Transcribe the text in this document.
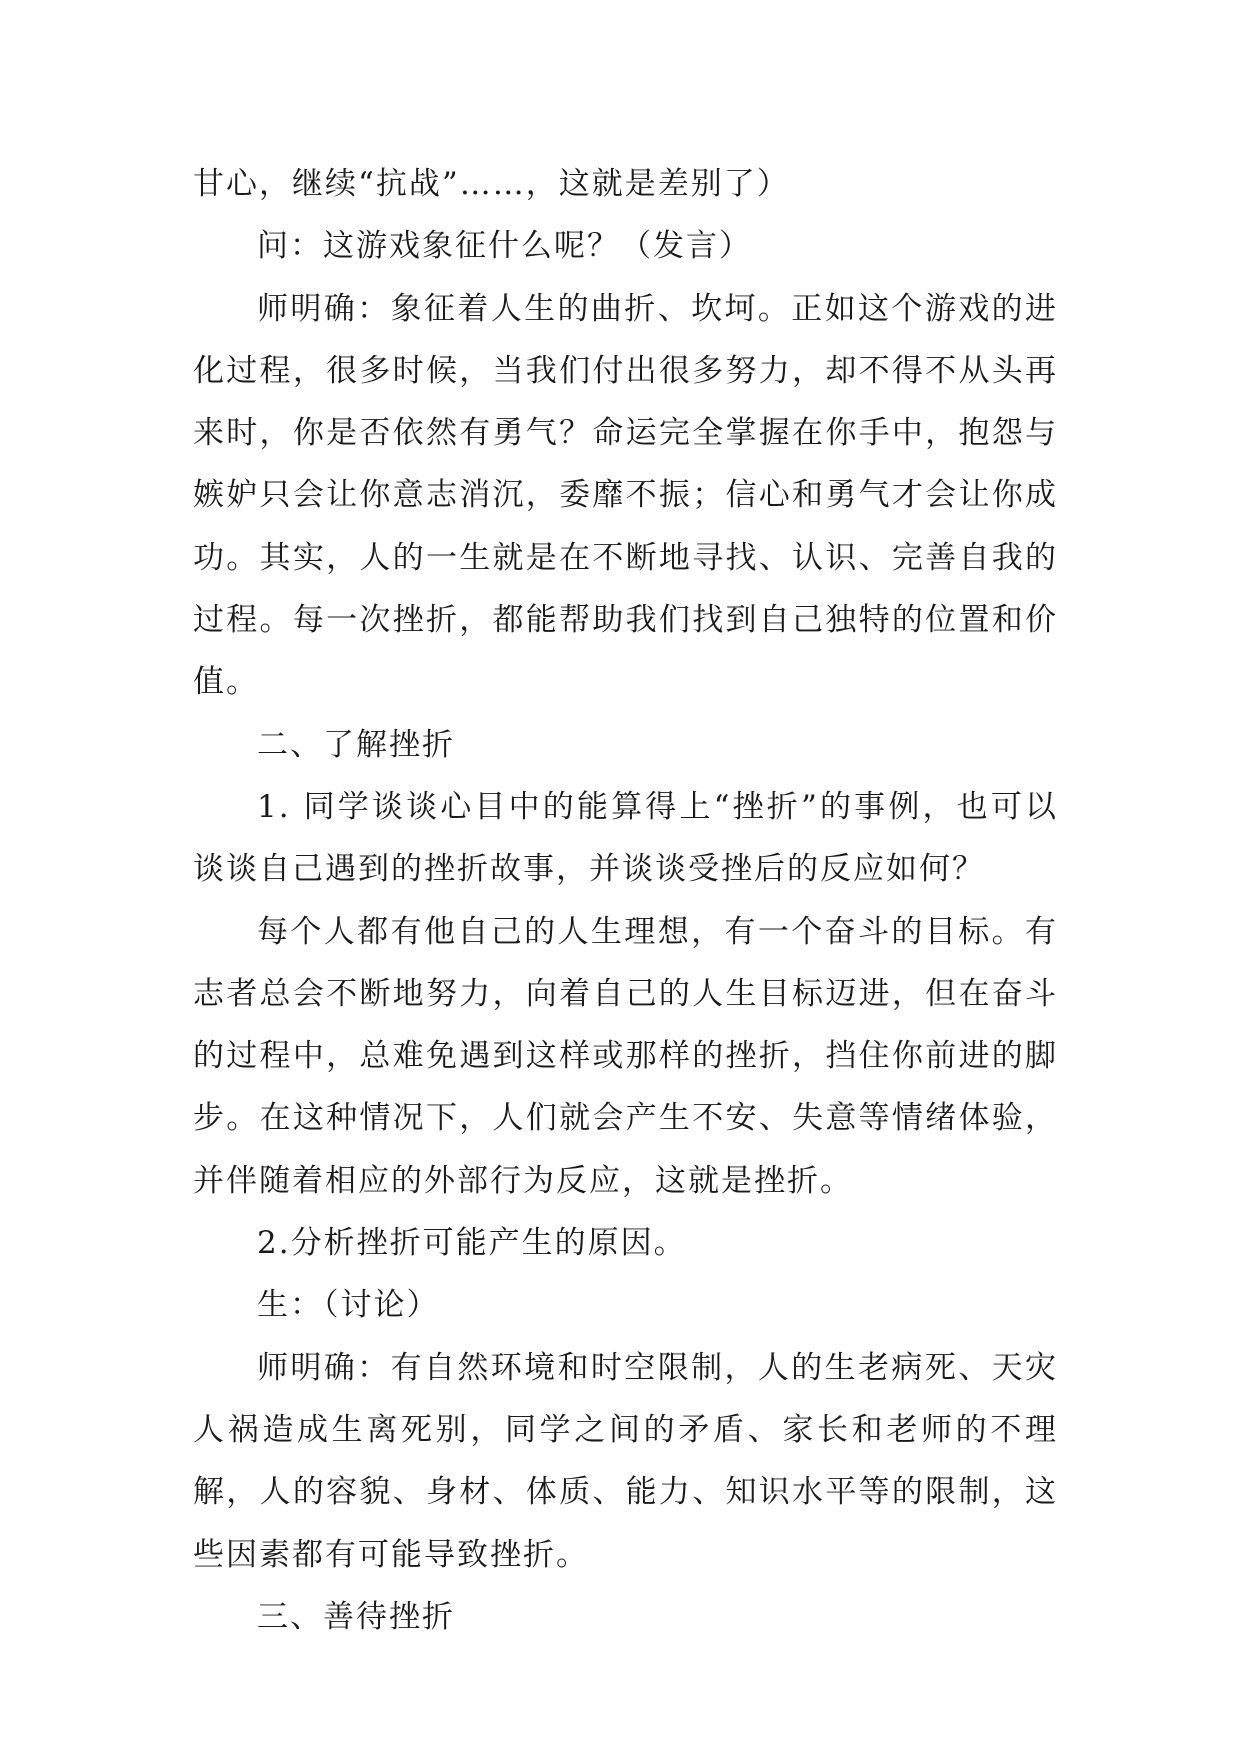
甘心，继续“抗战”……，这就是差别了）

问：这游戏象征什么呢？（发言）

师明确：象征着人生的曲折、坎坷。正如这个游戏的进化过程，很多时候，当我们付出很多努力，却不得不从头再来时，你是否依然有勇气？命运完全掌握在你手中，抱怨与嫉妒只会让你意志消沉，委靡不振；信心和勇气才会让你成功。其实，人的一生就是在不断地寻找、认识、完善自我的过程。每一次挫折，都能帮助我们找到自己独特的位置和价值。

二、了解挫折

1. 同学谈谈心目中的能算得上“挫折”的事例，也可以谈谈自己遇到的挫折故事，并谈谈受挫后的反应如何？

每个人都有他自己的人生理想，有一个奋斗的目标。有志者总会不断地努力，向着自己的人生目标迈进，但在奋斗的过程中，总难免遇到这样或那样的挫折，挡住你前进的脚步。在这种情况下，人们就会产生不安、失意等情绪体验，并伴随着相应的外部行为反应，这就是挫折。

2.分析挫折可能产生的原因。

生：（讨论）

师明确：有自然环境和时空限制，人的生老病死、天灾人祸造成生离死别，同学之间的矛盾、家长和老师的不理解，人的容貌、身材、体质、能力、知识水平等的限制，这些因素都有可能导致挫折。

三、善待挫折
